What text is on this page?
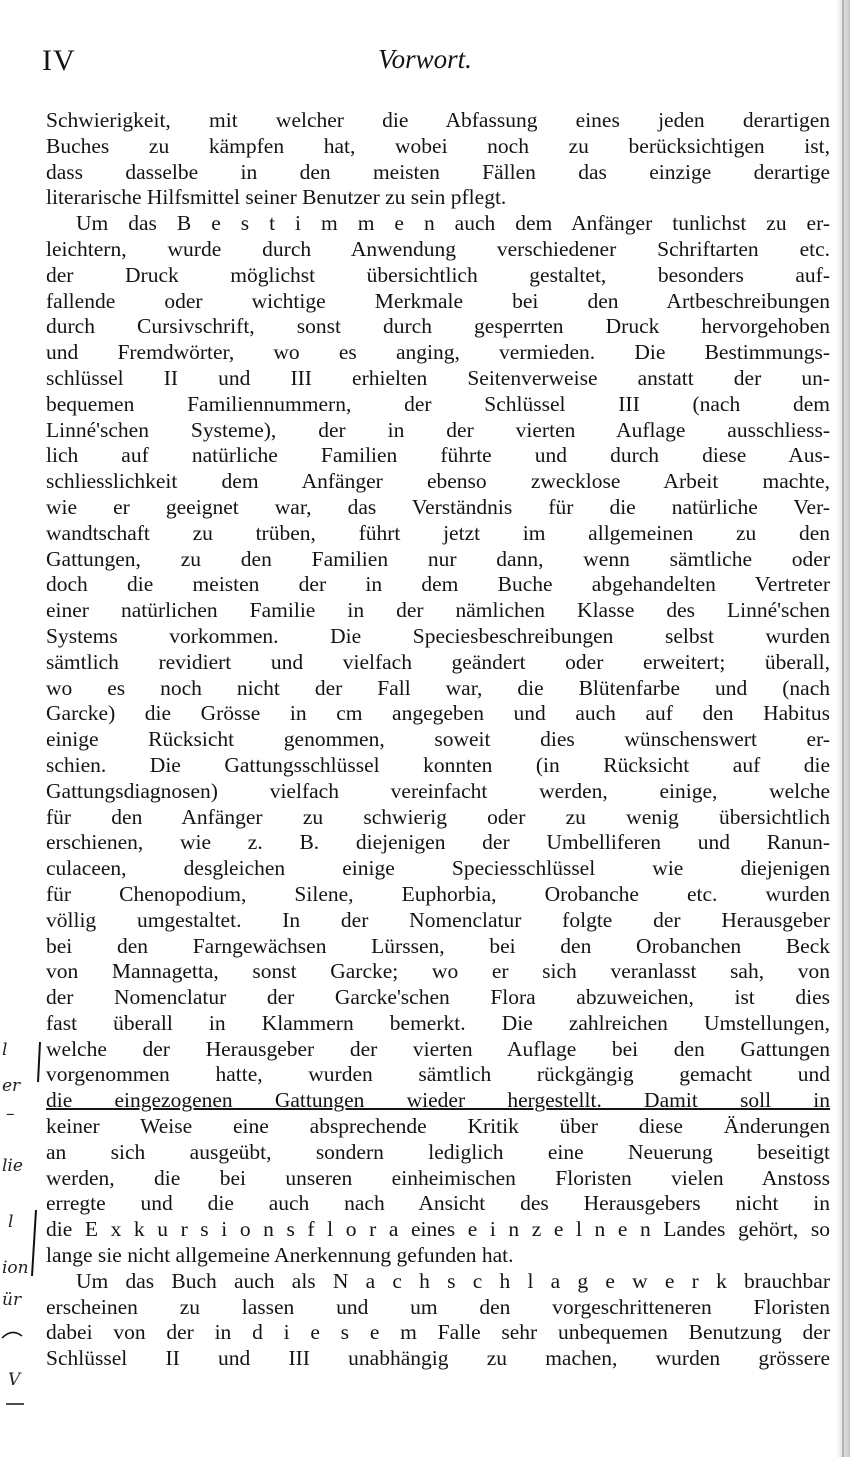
IV	Vorwort.
Schwierigkeit, mit welcher die Abfassung eines jeden derartigen
Buches zu kämpfen hat, wobei noch zu berücksichtigen ist,
dass dasselbe in den meisten Fällen das einzige derartige
literarische Hilfsmittel seiner Benutzer zu sein pflegt.
Um das B e s t i m m e n auch dem Anfänger tunlichst zu er-
leichtern, wurde durch Anwendung verschiedener Schriftarten etc.
der Druck möglichst übersichtlich gestaltet, besonders auf-
fallende oder wichtige Merkmale bei den Artbeschreibungen
durch Cursivschrift, sonst durch gesperrten Druck hervorgehoben
und Fremdwörter, wo es anging, vermieden. Die Bestimmungs-
schlüssel II und III erhielten Seitenverweise anstatt der un-
bequemen Familiennummern, der Schlüssel III (nach dem
Linné'schen Systeme), der in der vierten Auflage ausschliess-
lich auf natürliche Familien führte und durch diese Aus-
schliesslichkeit dem Anfänger ebenso zwecklose Arbeit machte,
wie er geeignet war, das Verständnis für die natürliche Ver-
wandtschaft zu trüben, führt jetzt im allgemeinen zu den
Gattungen, zu den Familien nur dann, wenn sämtliche oder
doch die meisten der in dem Buche abgehandelten Vertreter
einer natürlichen Familie in der nämlichen Klasse des Linné'schen
Systems vorkommen. Die Speciesbeschreibungen selbst wurden
sämtlich revidiert und vielfach geändert oder erweitert; überall,
wo es noch nicht der Fall war, die Blütenfarbe und (nach
Garcke) die Grösse in cm angegeben und auch auf den Habitus
einige Rücksicht genommen, soweit dies wünschenswert er-
schien. Die Gattungsschlüssel konnten (in Rücksicht auf die
Gattungsdiagnosen) vielfach vereinfacht werden, einige, welche
für den Anfänger zu schwierig oder zu wenig übersichtlich
erschienen, wie z. B. diejenigen der Umbelliferen und Ranun-
culaceen, desgleichen einige Speciesschlüssel wie diejenigen
für Chenopodium, Silene, Euphorbia, Orobanche etc. wurden
völlig umgestaltet. In der Nomenclatur folgte der Herausgeber
bei den Farngewächsen Lürssen, bei den Orobanchen Beck
von Mannagetta, sonst Garcke; wo er sich veranlasst sah, von
der Nomenclatur der Garcke'schen Flora abzuweichen, ist dies
fast überall in Klammern bemerkt. Die zahlreichen Umstellungen,
welche der Herausgeber der vierten Auflage bei den Gattungen
vorgenommen hatte, wurden sämtlich rückgängig gemacht und
die eingezogenen Gattungen wieder hergestellt. Damit soll in
keiner Weise eine absprechende Kritik über diese Änderungen
an sich ausgeübt, sondern lediglich eine Neuerung beseitigt
werden, die bei unseren einheimischen Floristen vielen Anstoss
erregte und die auch nach Ansicht des Herausgebers nicht in
die E x k u r s i o n s f l o r a eines e i n z e l n e n Landes gehört, so
lange sie nicht allgemeine Anerkennung gefunden hat.
Um das Buch auch als N a c h s c h l a g e w e r k brauchbar
erscheinen zu lassen und um den vorgeschritteneren Floristen
dabei von der in d i e s e m Falle sehr unbequemen Benutzung der
Schlüssel II und III unabhängig zu machen, wurden grössere
l
er
–
lie
l
ion
ür
V
